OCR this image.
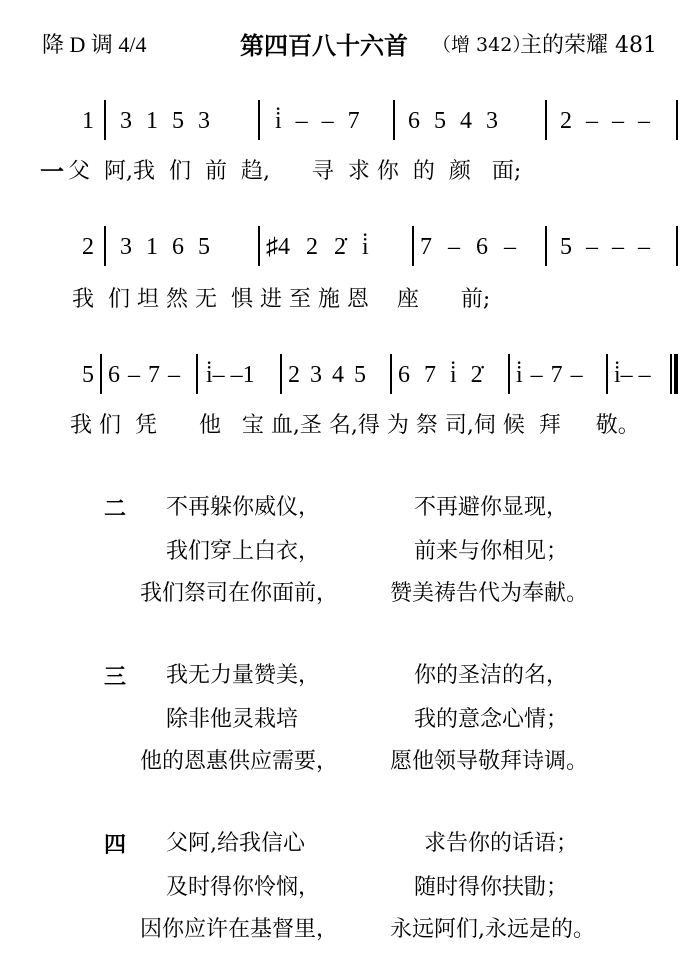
降 D 调 4/4	第四百八十六首 （增 342）
主的荣耀 481
1 3 1 5 3	i̇ – – 7 6 5 4 3	2 – – –
一 父  阿,我  们  前  趋,      寻  求 你  的  颜   面;
2 3 1 6 5 ♯4 2 2̇ i̇ 7 – 6 – 5 – – –
我  们 坦 然 无  惧 进 至 施 恩    座      前;
5 6 – 7 – i̇– –1 2 3 4 5 6 7 i̇ 2̇ i̇ – 7 – i̇– –
我 们  凭      他   宝 血,圣 名,得 为 祭 司,伺 候  拜     敬。
二 不再躲你威仪，	不再避你显现，
我们穿上白衣，	前来与你相见；
我们祭司在你面前， 赞美祷告代为奉献。
三 我无力量赞美，	你的圣洁的名，
除非他灵栽培	我的意念心情；
他的恩惠供应需要， 愿他领导敬拜诗调。
四 父阿,给我信心	求告你的话语；
及时得你怜悯，	随时得你扶勖；
因你应许在基督里， 永远阿们,永远是的。
